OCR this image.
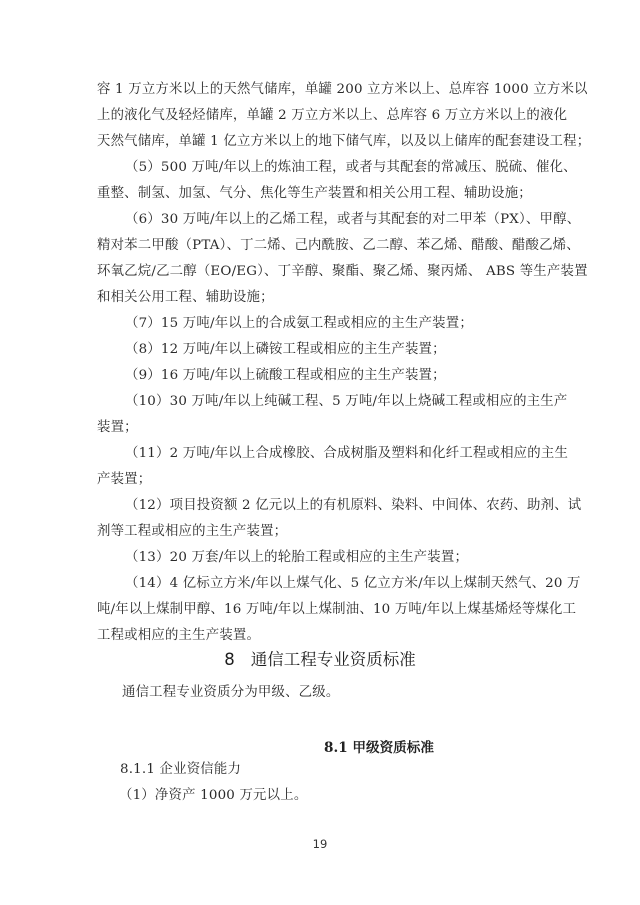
容 1 万立方米以上的天然气储库，单罐 200 立方米以上、总库容 1000 立方米以
上的液化气及轻烃储库，单罐 2 万立方米以上、总库容 6 万立方米以上的液化
天然气储库，单罐 1 亿立方米以上的地下储气库，以及以上储库的配套建设工程；
（5）500 万吨/年以上的炼油工程，或者与其配套的常减压、脱硫、催化、
重整、制氢、加氢、气分、焦化等生产装置和相关公用工程、辅助设施；
（6）30 万吨/年以上的乙烯工程，或者与其配套的对二甲苯（PX）、甲醇、
精对苯二甲酸（PTA）、丁二烯、己内酰胺、乙二醇、苯乙烯、醋酸、醋酸乙烯、
环氧乙烷/乙二醇（EO/EG）、丁辛醇、聚酯、聚乙烯、聚丙烯、 ABS 等生产装置
和相关公用工程、辅助设施；
（7）15 万吨/年以上的合成氨工程或相应的主生产装置；
（8）12 万吨/年以上磷铵工程或相应的主生产装置；
（9）16 万吨/年以上硫酸工程或相应的主生产装置；
（10）30 万吨/年以上纯碱工程、5 万吨/年以上烧碱工程或相应的主生产
装置；
（11）2 万吨/年以上合成橡胶、合成树脂及塑料和化纤工程或相应的主生
产装置；
（12）项目投资额 2 亿元以上的有机原料、染料、中间体、农药、助剂、试
剂等工程或相应的主生产装置；
（13）20 万套/年以上的轮胎工程或相应的主生产装置；
（14）4 亿标立方米/年以上煤气化、5 亿立方米/年以上煤制天然气、20 万
吨/年以上煤制甲醇、16 万吨/年以上煤制油、10 万吨/年以上煤基烯烃等煤化工
工程或相应的主生产装置。
8 通信工程专业资质标准
通信工程专业资质分为甲级、乙级。
8.1 甲级资质标准
8.1.1 企业资信能力
（1）净资产 1000 万元以上。
19
